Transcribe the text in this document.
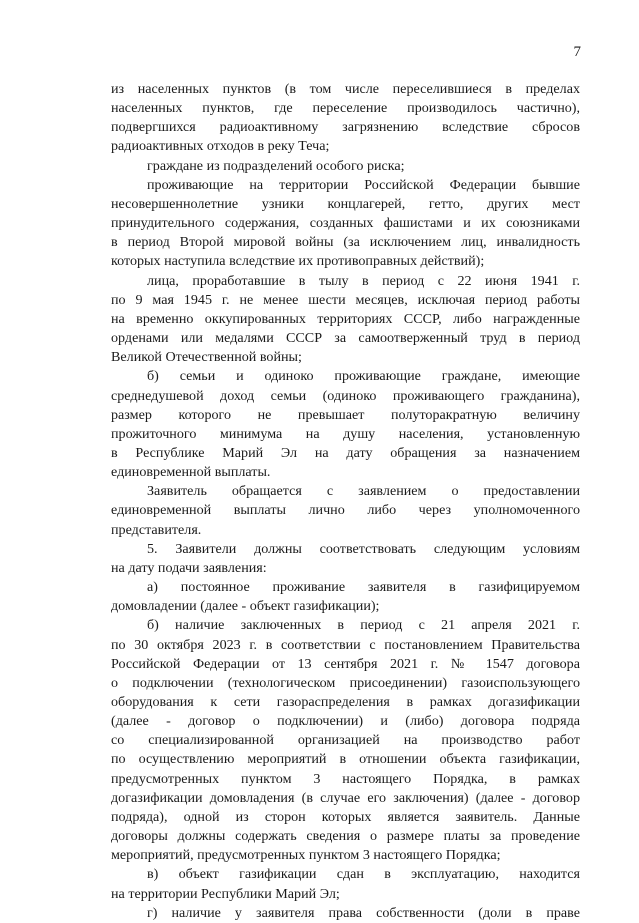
7

из населенных пунктов (в том числе переселившиеся в пределах

населенных пунктов, где переселение производилось частично),

подвергшихся радиоактивному загрязнению вследствие сбросов

радиоактивных отходов в реку Теча;

граждане из подразделений особого риска;

проживающие на территории Российской Федерации бывшие

несовершеннолетние узники концлагерей, гетто, других мест

принудительного содержания, созданных фашистами и их союзниками

в период Второй мировой войны (за исключением лиц, инвалидность

которых наступила вследствие их противоправных действий);

лица, проработавшие в тылу в период с 22 июня 1941 г.

по 9 мая 1945 г. не менее шести месяцев, исключая период работы

на временно оккупированных территориях СССР, либо награжденные

орденами или медалями СССР за самоотверженный труд в период

Великой Отечественной войны;

б) семьи и одиноко проживающие граждане, имеющие

среднедушевой доход семьи (одиноко проживающего гражданина),

размер которого не превышает полуторакратную величину

прожиточного минимума на душу населения, установленную

в Республике Марий Эл на дату обращения за назначением

единовременной выплаты.

Заявитель обращается с заявлением о предоставлении

единовременной выплаты лично либо через уполномоченного

представителя.

5. Заявители должны соответствовать следующим условиям

на дату подачи заявления:

а) постоянное проживание заявителя в газифицируемом

домовладении (далее - объект газификации);

б) наличие заключенных в период с 21 апреля 2021 г.

по 30 октября 2023 г. в соответствии с постановлением Правительства

Российской Федерации от 13 сентября 2021 г. № 1547 договора

о подключении (технологическом присоединении) газоиспользующего

оборудования к сети газораспределения в рамках догазификации

(далее - договор о подключении) и (либо) договора подряда

со специализированной организацией на производство работ

по осуществлению мероприятий в отношении объекта газификации,

предусмотренных пунктом 3 настоящего Порядка, в рамках

догазификации домовладения (в случае его заключения) (далее - договор

подряда), одной из сторон которых является заявитель. Данные

договоры должны содержать сведения о размере платы за проведение

мероприятий, предусмотренных пунктом 3 настоящего Порядка;

в) объект газификации сдан в эксплуатацию, находится

на территории Республики Марий Эл;

г) наличие у заявителя права собственности (доли в праве
